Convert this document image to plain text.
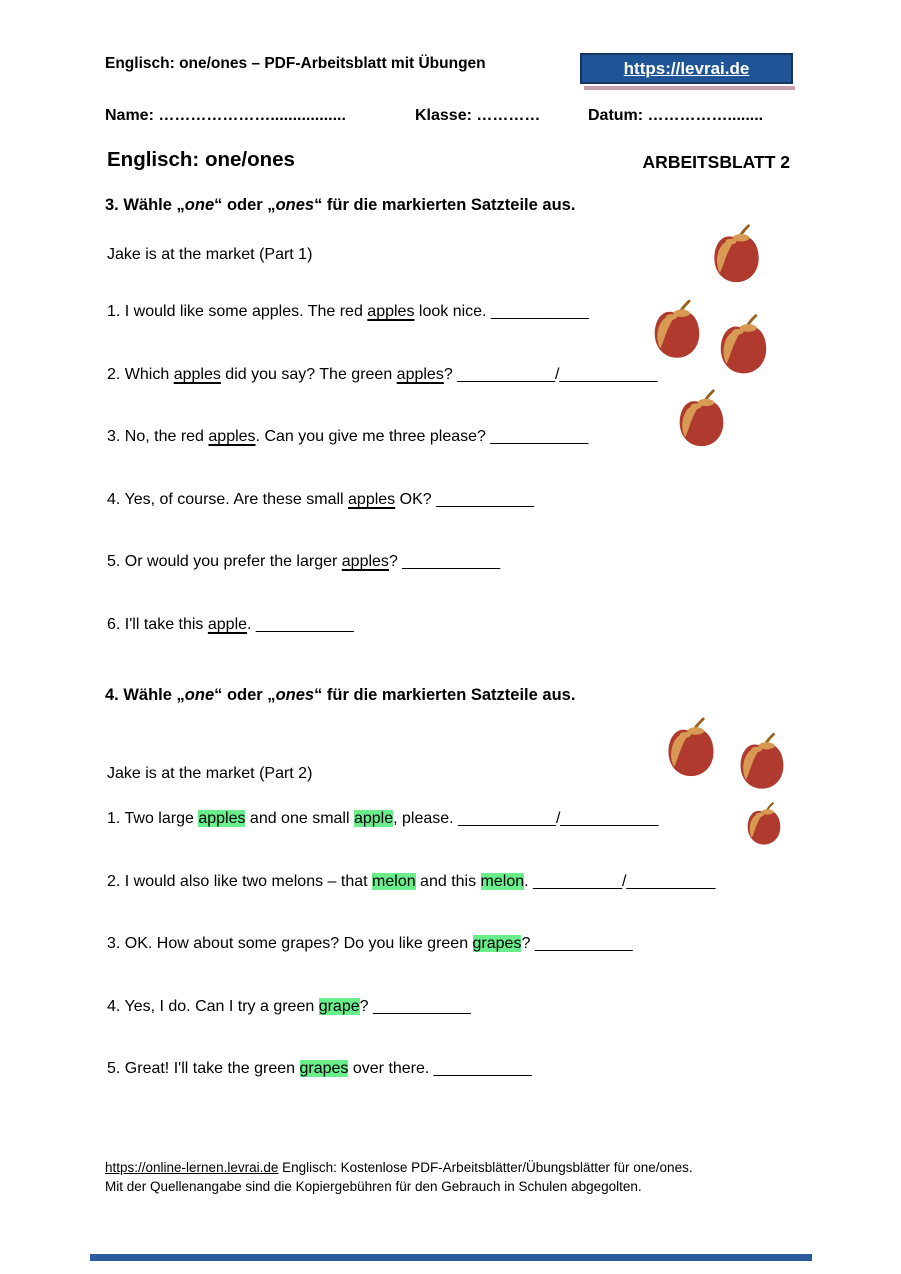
Englisch: one/ones – PDF-Arbeitsblatt mit Übungen	https://levrai.de
Name: ………………….................	Klasse: …………	Datum: ……………........
Englisch: one/ones	ARBEITSBLATT 2
3. Wähle „one“ oder „ones“ für die markierten Satzteile aus.
Jake is at the market (Part 1)
1. I would like some apples. The red apples look nice. ___________
2. Which apples did you say? The green apples? ___________/___________
3. No, the red apples. Can you give me three please? ___________
4. Yes, of course. Are these small apples OK? ___________
5. Or would you prefer the larger apples? ___________
6. I'll take this apple. ___________
4. Wähle „one“ oder „ones“ für die markierten Satzteile aus.
Jake is at the market (Part 2)
1. Two large apples and one small apple, please. ___________/___________
2. I would also like two melons – that melon and this melon. __________/__________
3. OK. How about some grapes? Do you like green grapes? ___________
4. Yes, I do. Can I try a green grape? ___________
5. Great! I'll take the green grapes over there. ___________
https://online-lernen.levrai.de Englisch: Kostenlose PDF-Arbeitsblätter/Übungsblätter für one/ones.
Mit der Quellenangabe sind die Kopiergebühren für den Gebrauch in Schulen abgegolten.
